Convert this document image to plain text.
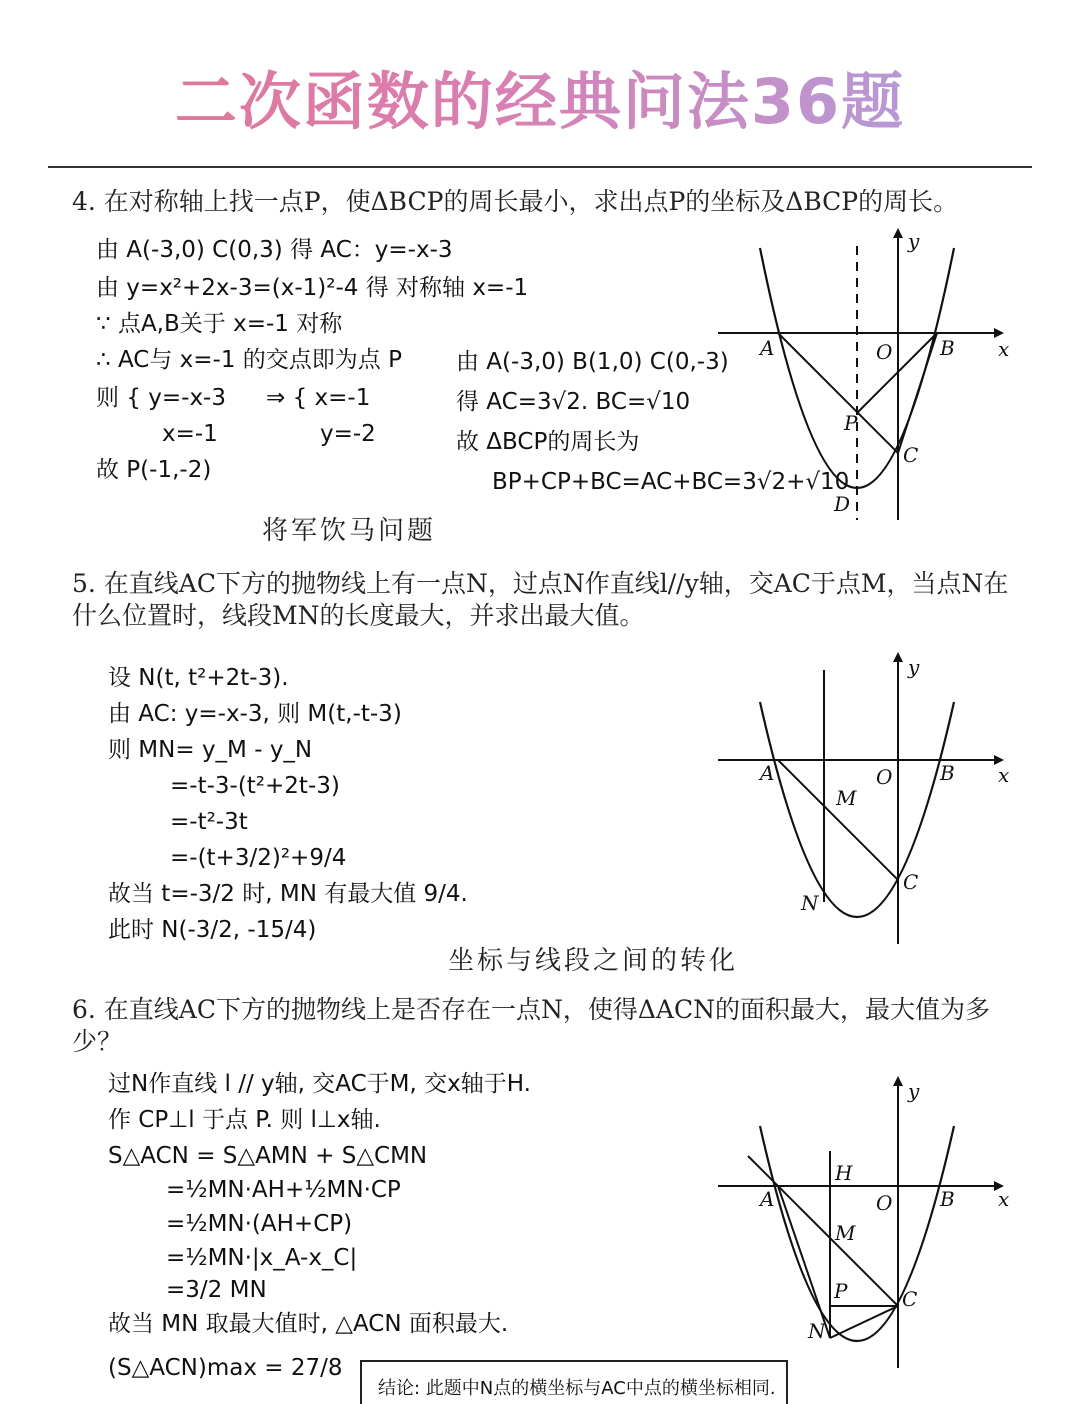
二次函数的经典问法36题
4. 在对称轴上找一点P，使ΔBCP的周长最小，求出点P的坐标及ΔBCP的周长。
由 A(-3,0) C(0,3) 得 AC：y=-x-3
由 y=x²+2x-3=(x-1)²-4 得 对称轴 x=-1
∵ 点A,B关于 x=-1 对称
∴ AC与 x=-1 的交点即为点 P
则 { y=-x-3
x=-1
⇒ { x=-1
y=-2
故 P(-1,-2)
由 A(-3,0) B(1,0) C(0,-3)
得 AC=3√2. BC=√10
故 ΔBCP的周长为
BP+CP+BC=AC+BC=3√2+√10
将军饮马问题
y
x
A	O B
P
C
D
5. 在直线AC下方的抛物线上有一点N，过点N作直线l//y轴，交AC于点M，当点N在什么位置时，线段MN的长度最大，并求出最大值。
设 N(t, t²+2t-3).
由 AC: y=-x-3, 则 M(t,-t-3)
则 MN= y_M - y_N
=-t-3-(t²+2t-3)
=-t²-3t
=-(t+3/2)²+9/4
故当 t=-3/2 时, MN 有最大值 9/4.
此时 N(-3/2, -15/4)
坐标与线段之间的转化
y
x
A	O B
M
C
N
6. 在直线AC下方的抛物线上是否存在一点N，使得ΔACN的面积最大，最大值为多少？
过N作直线 l // y轴, 交AC于M, 交x轴于H.
作 CP⊥l 于点 P. 则 l⊥x轴.
S△ACN = S△AMN + S△CMN
=½MN·AH+½MN·CP
=½MN·(AH+CP)
=½MN·|x_A-x_C|
=3/2 MN
故当 MN 取最大值时, △ACN 面积最大.
(S△ACN)max = 27/8
结论: 此题中N点的横坐标与AC中点的横坐标相同.
y
x
A	O B
H
M
P	C
N
